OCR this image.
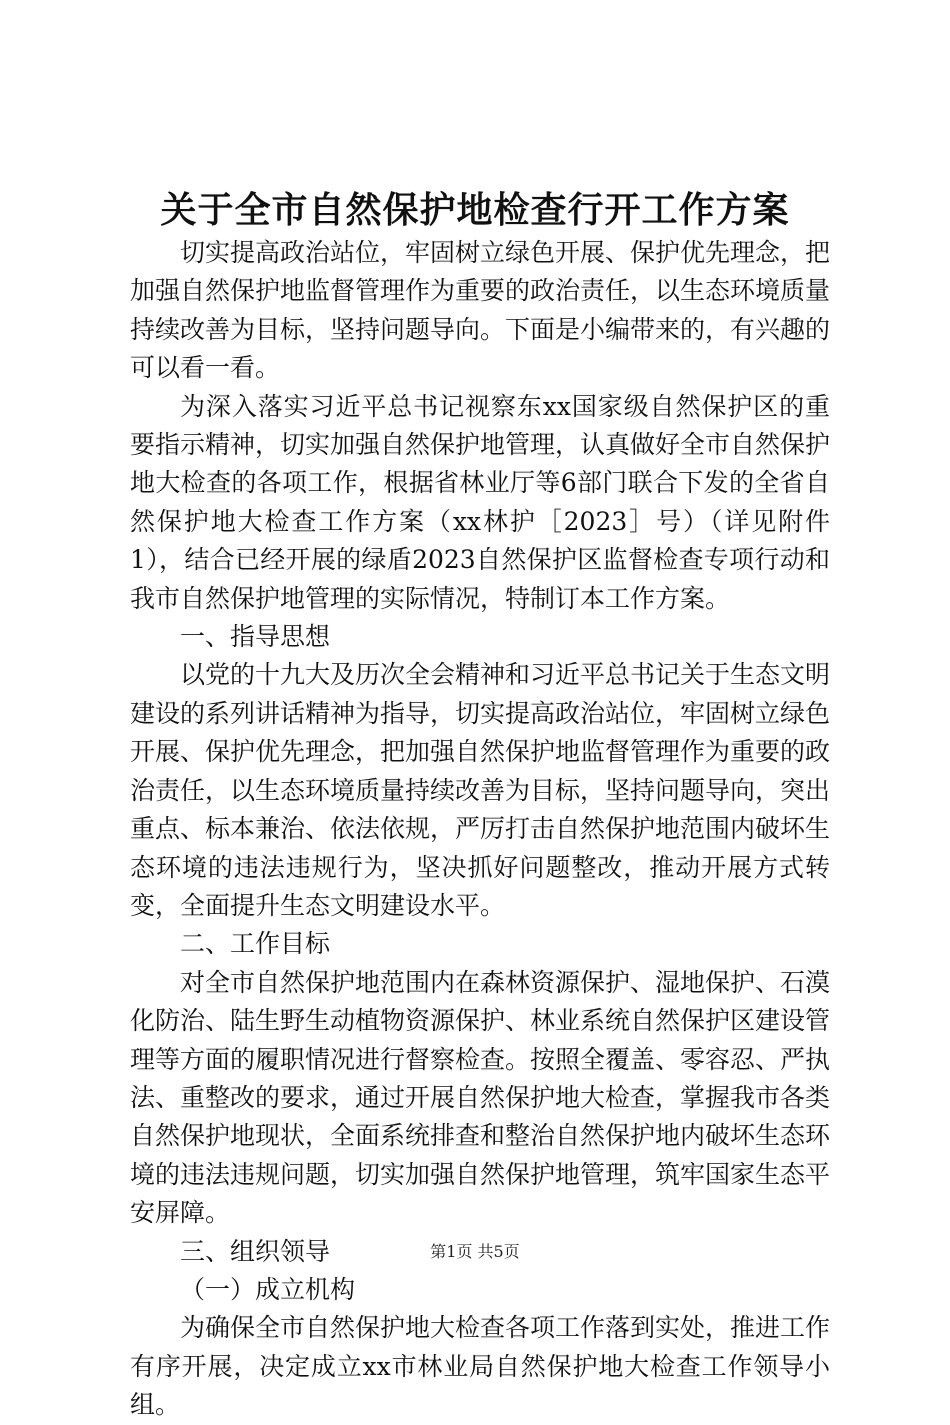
关于全市自然保护地检查行开工作方案

切实提高政治站位，牢固树立绿色开展、保护优先理念，把加强自然保护地监督管理作为重要的政治责任，以生态环境质量持续改善为目标，坚持问题导向。下面是小编带来的，有兴趣的可以看一看。

为深入落实习近平总书记视察东xx国家级自然保护区的重要指示精神，切实加强自然保护地管理，认真做好全市自然保护地大检查的各项工作，根据省林业厅等6部门联合下发的全省自然保护地大检查工作方案（xx林护［2023］号）（详见附件1），结合已经开展的绿盾2023自然保护区监督检查专项行动和我市自然保护地管理的实际情况，特制订本工作方案。

一、指导思想

以党的十九大及历次全会精神和习近平总书记关于生态文明建设的系列讲话精神为指导，切实提高政治站位，牢固树立绿色开展、保护优先理念，把加强自然保护地监督管理作为重要的政治责任，以生态环境质量持续改善为目标，坚持问题导向，突出重点、标本兼治、依法依规，严厉打击自然保护地范围内破坏生态环境的违法违规行为，坚决抓好问题整改，推动开展方式转变，全面提升生态文明建设水平。

二、工作目标

对全市自然保护地范围内在森林资源保护、湿地保护、石漠化防治、陆生野生动植物资源保护、林业系统自然保护区建设管理等方面的履职情况进行督察检查。按照全覆盖、零容忍、严执法、重整改的要求，通过开展自然保护地大检查，掌握我市各类自然保护地现状，全面系统排查和整治自然保护地内破坏生态环境的违法违规问题，切实加强自然保护地管理，筑牢国家生态平安屏障。

三、组织领导

（一）成立机构

为确保全市自然保护地大检查各项工作落到实处，推进工作有序开展，决定成立xx市林业局自然保护地大检查工作领导小组。

第1页 共5页
